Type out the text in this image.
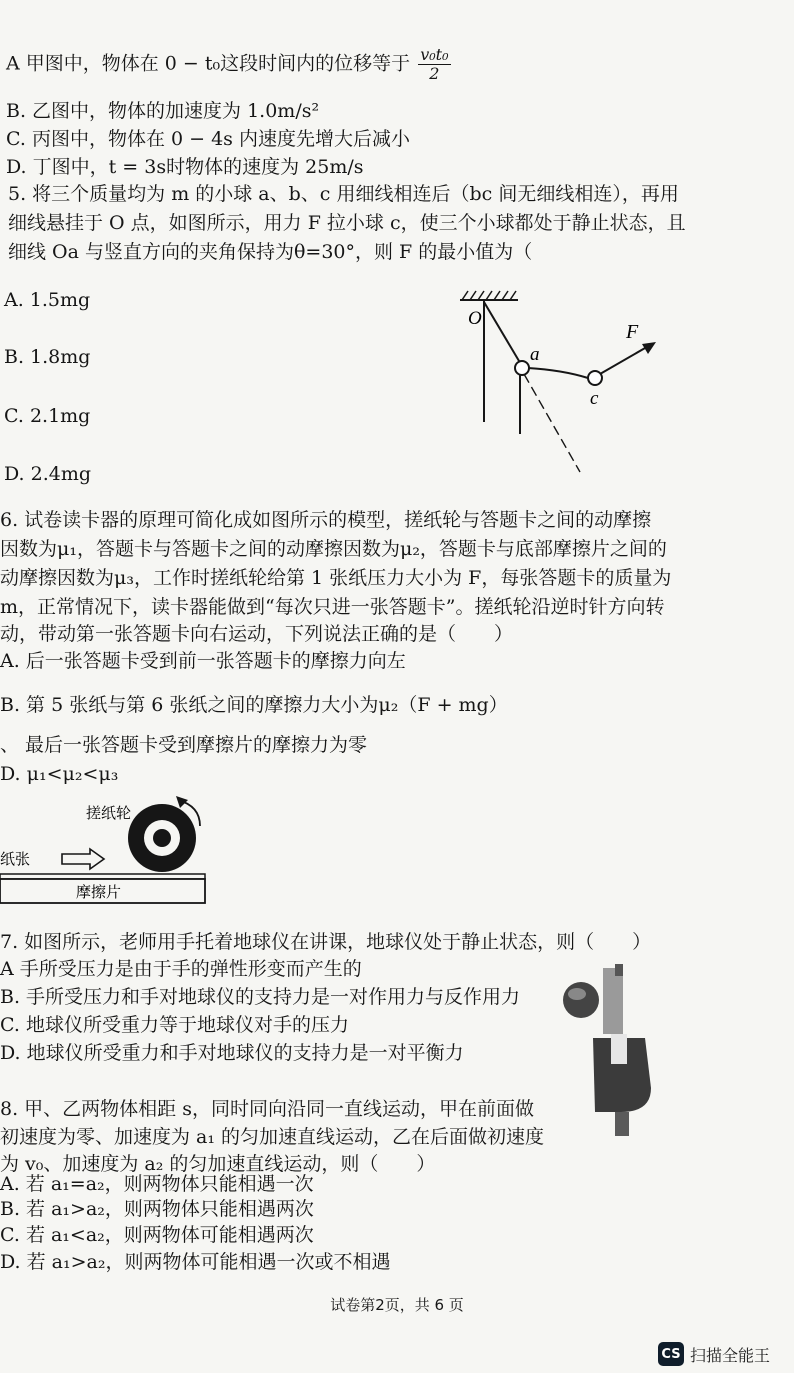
A 甲图中，物体在 0 − t₀这段时间内的位移等于 $\frac{\text{v₀t₀}}{2}$
B. 乙图中，物体的加速度为 1.0m/s²
C. 丙图中，物体在 0 − 4s 内速度先增大后减小
D. 丁图中，t = 3s时物体的速度为 25m/s
5. 将三个质量均为 m 的小球 a、b、c 用细线相连后（bc 间无细线相连），再用
细线悬挂于 O 点，如图所示，用力 F 拉小球 c，使三个小球都处于静止状态，且
细线 Oa 与竖直方向的夹角保持为θ=30°，则 F 的最小值为（
A. 1.5mg
B. 1.8mg
C. 2.1mg
D. 2.4mg
O
a
c
F
6. 试卷读卡器的原理可简化成如图所示的模型，搓纸轮与答题卡之间的动摩擦
因数为μ₁，答题卡与答题卡之间的动摩擦因数为μ₂，答题卡与底部摩擦片之间的
动摩擦因数为μ₃，工作时搓纸轮给第 1 张纸压力大小为 F，每张答题卡的质量为
m，正常情况下，读卡器能做到“每次只进一张答题卡”。搓纸轮沿逆时针方向转
动，带动第一张答题卡向右运动，下列说法正确的是（　　）
A. 后一张答题卡受到前一张答题卡的摩擦力向左
B. 第 5 张纸与第 6 张纸之间的摩擦力大小为μ₂（F + mg）
、 最后一张答题卡受到摩擦片的摩擦力为零
D. μ₁<μ₂<μ₃
搓纸轮
纸张
摩擦片
7. 如图所示，老师用手托着地球仪在讲课，地球仪处于静止状态，则（　　）
A 手所受压力是由于手的弹性形变而产生的
B. 手所受压力和手对地球仪的支持力是一对作用力与反作用力
C. 地球仪所受重力等于地球仪对手的压力
D. 地球仪所受重力和手对地球仪的支持力是一对平衡力
8. 甲、乙两物体相距 s，同时同向沿同一直线运动，甲在前面做
初速度为零、加速度为 a₁ 的匀加速直线运动，乙在后面做初速度
为 v₀、加速度为 a₂ 的匀加速直线运动，则（　　）
A. 若 a₁=a₂，则两物体只能相遇一次
B. 若 a₁>a₂，则两物体只能相遇两次
C. 若 a₁<a₂，则两物体可能相遇两次
D. 若 a₁>a₂，则两物体可能相遇一次或不相遇
试卷第2页，共 6 页
CS 扫描全能王
